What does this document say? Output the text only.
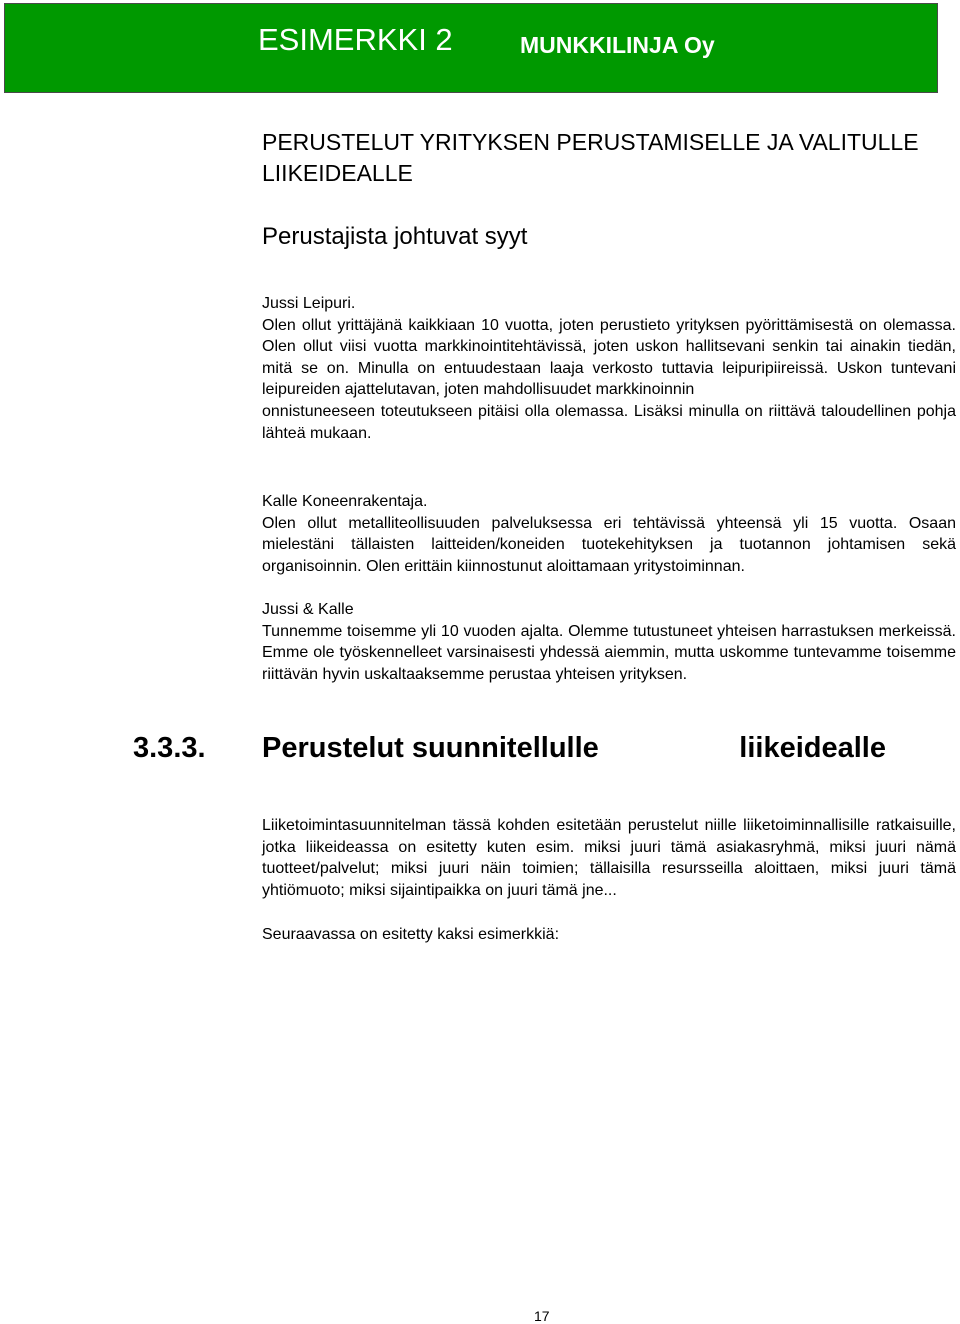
ESIMERKKI 2	MUNKKILINJA Oy
PERUSTELUT YRITYKSEN PERUSTAMISELLE JA VALITULLE LIIKEIDEALLE
Perustajista johtuvat syyt

Jussi Leipuri.

Olen ollut yrittäjänä kaikkiaan 10 vuotta, joten perustieto yrityksen pyörittämisestä on olemassa. Olen ollut viisi vuotta markkinointitehtävissä, joten uskon hallitsevani senkin tai ainakin tiedän, mitä se on. Minulla on entuudestaan laaja verkosto tuttavia leipuripiireissä. Uskon tuntevani leipureiden ajattelutavan, joten mahdollisuudet markkinoinnin

onnistuneeseen toteutukseen pitäisi olla olemassa. Lisäksi minulla on riittävä taloudellinen pohja lähteä mukaan.

Kalle Koneenrakentaja.

Olen ollut metalliteollisuuden palveluksessa eri tehtävissä yhteensä yli 15 vuotta. Osaan mielestäni tällaisten laitteiden/koneiden tuotekehityksen ja tuotannon johtamisen sekä organisoinnin. Olen erittäin kiinnostunut aloittamaan yritystoiminnan.

Jussi & Kalle

Tunnemme toisemme yli 10 vuoden ajalta. Olemme tutustuneet yhteisen harrastuksen merkeissä. Emme ole työskennelleet varsinaisesti yhdessä aiemmin, mutta uskomme tuntevamme toisemme riittävän hyvin uskaltaaksemme perustaa yhteisen yrityksen.

3.3.3. Perustelut suunnitellulle	liikeidealle

Liiketoimintasuunnitelman tässä kohden esitetään perustelut niille liiketoiminnallisille ratkaisuille, jotka liikeideassa on esitetty kuten esim. miksi juuri tämä asiakasryhmä, miksi juuri nämä tuotteet/palvelut; miksi juuri näin toimien; tällaisilla resursseilla aloittaen, miksi juuri tämä yhtiömuoto; miksi sijaintipaikka on juuri tämä jne...

Seuraavassa on esitetty kaksi esimerkkiä:

17
